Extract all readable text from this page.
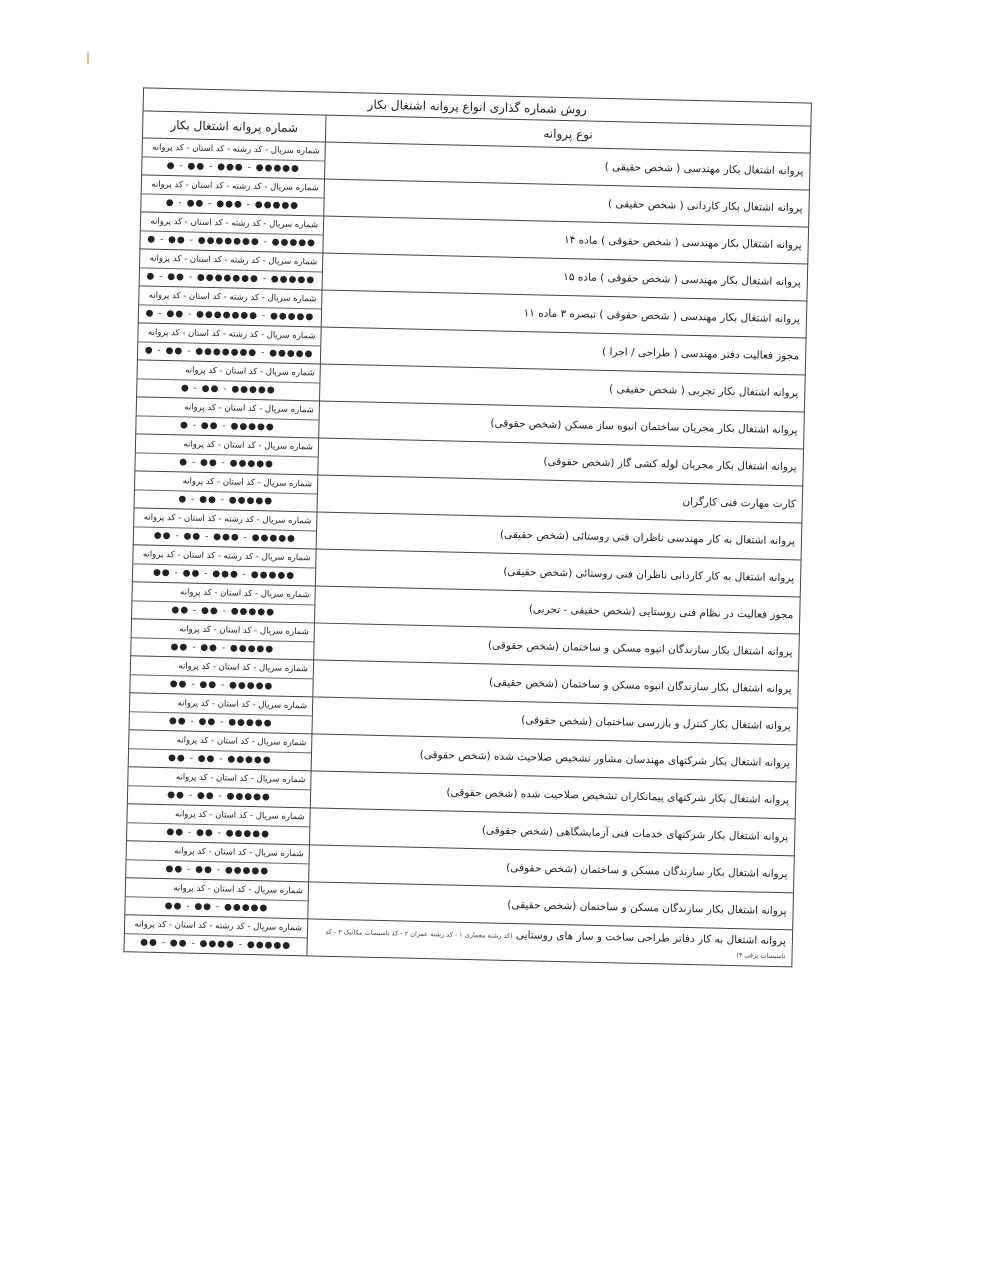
روش شماره گذاری انواع پروانه اشتغال بکار	
نوع پروانه	شماره پروانه اشتغال بکار
پروانه اشتغال بکار مهندسی ( شخص حقیقی )	شماره سریال - کد رشته - کد استان - کد پروانه
● - ●● - ●●● - ●●●●●

پروانه اشتغال بکار کاردانی ( شخص حقیقی )	شماره سریال - کد رشته - کد استان - کد پروانه
● - ●● - ●●● - ●●●●●

پروانه اشتغال بکار مهندسی ( شخص حقوقی ) ماده ۱۴	شماره سریال - کد رشته - کد استان - کد پروانه
● - ●● - ●●●●●●● - ●●●●●

پروانه اشتغال بکار مهندسی ( شخص حقوقی ) ماده ۱۵	شماره سریال - کد رشته - کد استان - کد پروانه
● - ●● - ●●●●●●● - ●●●●●

پروانه اشتغال بکار مهندسی ( شخص حقوقی ) تبصره ۳ ماده ۱۱	شماره سریال - کد رشته - کد استان - کد پروانه
● - ●● - ●●●●●●● - ●●●●●

مجوز فعالیت دفتر مهندسی ( طراحی / اجرا )	شماره سریال - کد رشته - کد استان - کد پروانه
● - ●● - ●●●●●●● - ●●●●●

پروانه اشتغال بکار تجربی ( شخص حقیقی )	شماره سریال - کد استان - کد پروانه
● - ●● - ●●●●●

پروانه اشتغال بکار مجریان ساختمان انبوه ساز مسکن (شخص حقوقی)	شماره سریال - کد استان - کد پروانه
● - ●● - ●●●●●

پروانه اشتغال بکار مجریان لوله کشی گاز (شخص حقوقی)	شماره سریال - کد استان - کد پروانه
● - ●● - ●●●●●

کارت مهارت فنی کارگران	شماره سریال - کد استان - کد پروانه
● - ●● - ●●●●●

پروانه اشتغال به کار مهندسی ناظران فنی روستائی (شخص حقیقی)	شماره سریال - کد رشته - کد استان - کد پروانه
●● - ●● - ●●● - ●●●●●

پروانه اشتغال به کار کاردانی ناظران فنی روستائی (شخص حقیقی)	شماره سریال - کد رشته - کد استان - کد پروانه
●● - ●● - ●●● - ●●●●●

مجوز فعالیت در نظام فنی روستایی (شخص حقیقی - تجربی)	شماره سریال - کد استان - کد پروانه
●● - ●● - ●●●●●

پروانه اشتغال بکار سازندگان انبوه مسکن و ساختمان (شخص حقوقی)	شماره سریال - کد استان - کد پروانه
●● - ●● - ●●●●●

پروانه اشتغال بکار سازندگان انبوه مسکن و ساختمان (شخص حقیقی)	شماره سریال - کد استان - کد پروانه
●● - ●● - ●●●●●

پروانه اشتغال بکار کنترل و بازرسی ساختمان (شخص حقوقی)	شماره سریال - کد استان - کد پروانه
●● - ●● - ●●●●●

پروانه اشتغال بکار شرکتهای مهندسان مشاور تشخیص صلاحیت شده (شخص حقوقی)	شماره سریال - کد استان - کد پروانه
●● - ●● - ●●●●●

پروانه اشتغال بکار شرکتهای پیمانکاران تشخیص صلاحیت شده (شخص حقوقی)	شماره سریال - کد استان - کد پروانه
●● - ●● - ●●●●●

پروانه اشتغال بکار شرکتهای خدمات فنی آزمایشگاهی (شخص حقوقی)	شماره سریال - کد استان - کد پروانه
●● - ●● - ●●●●●

پروانه اشتغال بکار سازندگان مسکن و ساختمان (شخص حقوقی)	شماره سریال - کد استان - کد پروانه
●● - ●● - ●●●●●

پروانه اشتغال بکار سازندگان مسکن و ساختمان (شخص حقیقی)	شماره سریال - کد استان - کد پروانه
●● - ●● - ●●●●●

پروانه اشتغال به کار دفاتر طراحی ساخت و ساز های روستایی (کد رشته معماری ۱ - کد رشته عمران ۲ - کد تاسیسات مکانیک ۳ - کد تاسیسات برقی ۴)	شماره سریال - کد رشته - کد استان - کد پروانه
●● - ●● - ●●●● - ●●●●●
